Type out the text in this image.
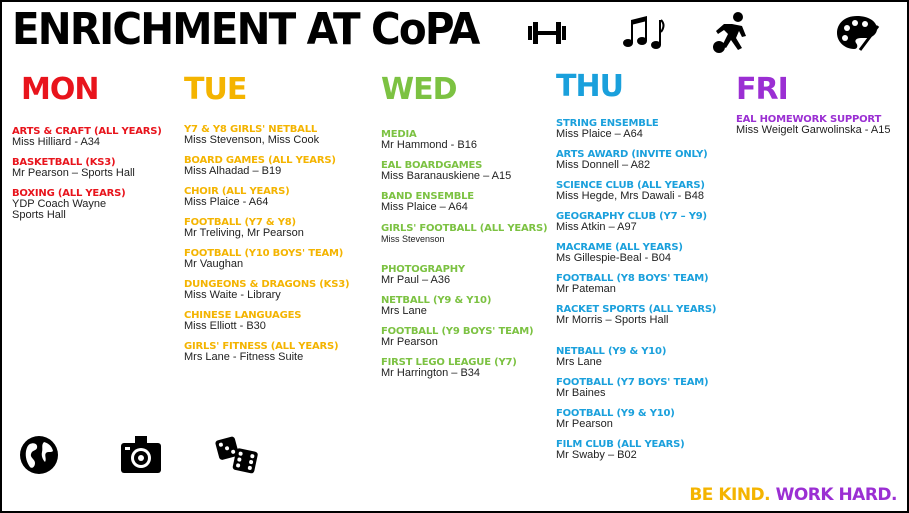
ENRICHMENT AT CoPA
MON
ARTS & CRAFT (ALL YEARS)
Miss Hilliard - A34
BASKETBALL (KS3)
Mr Pearson – Sports Hall
BOXING (ALL YEARS)
YDP Coach Wayne
Sports Hall
TUE
Y7 & Y8 GIRLS' NETBALL
Miss Stevenson, Miss Cook
BOARD GAMES (ALL YEARS)
Miss Alhadad – B19
CHOIR (ALL YEARS)
Miss Plaice - A64
FOOTBALL (Y7 & Y8)
Mr Treliving, Mr Pearson
FOOTBALL (Y10 BOYS' TEAM)
Mr Vaughan
DUNGEONS & DRAGONS (KS3)
Miss Waite - Library
CHINESE LANGUAGES
Miss Elliott - B30
GIRLS' FITNESS (ALL YEARS)
Mrs Lane - Fitness Suite
WED
MEDIA
Mr Hammond - B16
EAL BOARDGAMES
Miss Baranauskiene – A15
BAND ENSEMBLE
Miss Plaice – A64
GIRLS' FOOTBALL (ALL YEARS)
Miss Stevenson
PHOTOGRAPHY
Mr Paul – A36
NETBALL (Y9 & Y10)
Mrs Lane
FOOTBALL (Y9 BOYS' TEAM)
Mr Pearson
FIRST LEGO LEAGUE (Y7)
Mr Harrington – B34
THU
STRING ENSEMBLE
Miss Plaice – A64
ARTS AWARD (INVITE ONLY)
Miss Donnell – A82
SCIENCE CLUB (ALL YEARS)
Miss Hegde, Mrs Dawali - B48
GEOGRAPHY CLUB (Y7 – Y9)
Miss Atkin – A97
MACRAME (ALL YEARS)
Ms Gillespie-Beal - B04
FOOTBALL (Y8 BOYS' TEAM)
Mr Pateman
RACKET SPORTS (ALL YEARS)
Mr Morris – Sports Hall
NETBALL (Y9 & Y10)
Mrs Lane
FOOTBALL (Y7 BOYS' TEAM)
Mr Baines
FOOTBALL (Y9 & Y10)
Mr Pearson
FILM CLUB (ALL YEARS)
Mr Swaby – B02
FRI
EAL HOMEWORK SUPPORT
Miss Weigelt Garwolinska - A15
BE KIND. WORK HARD.
